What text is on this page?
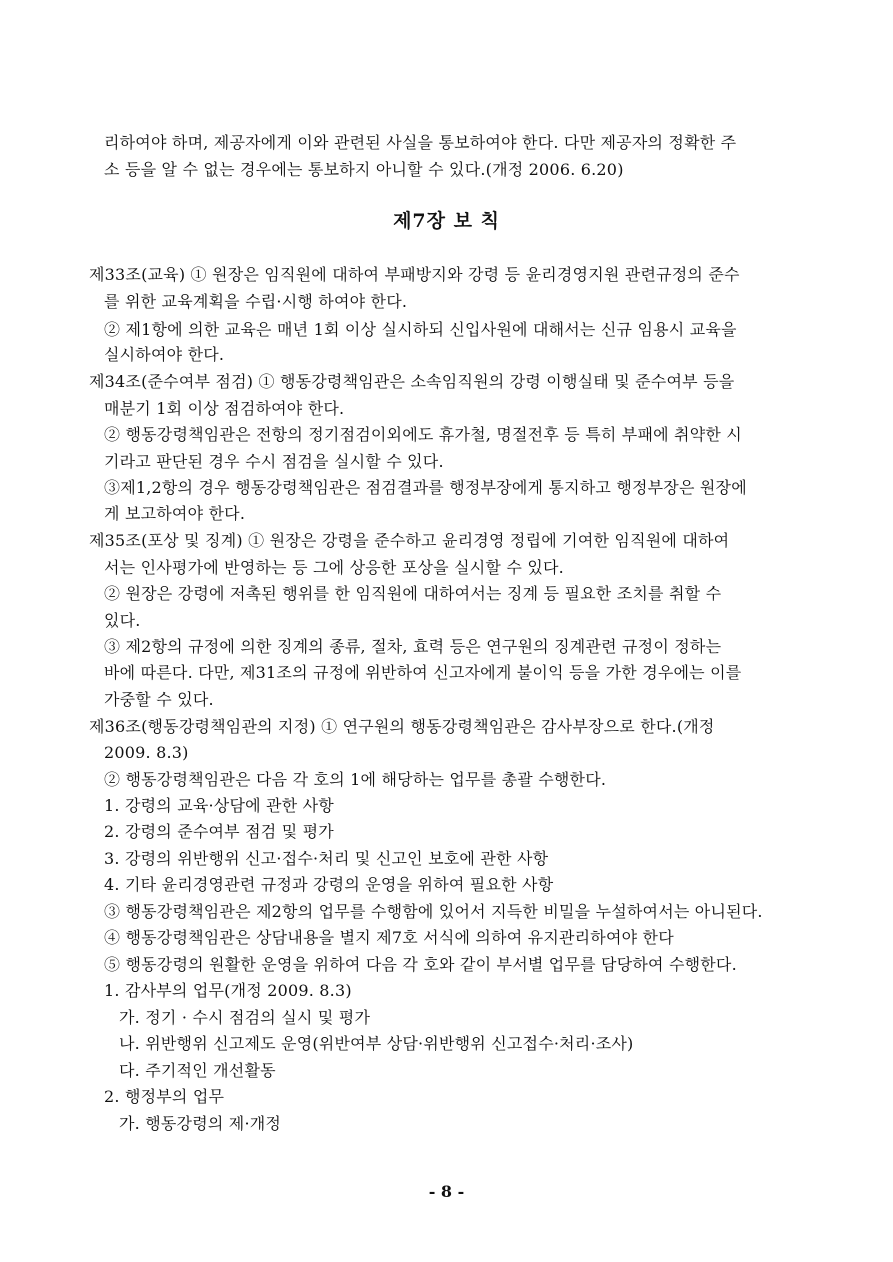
리하여야 하며, 제공자에게 이와 관련된 사실을 통보하여야 한다. 다만 제공자의 정확한 주
소 등을 알 수 없는 경우에는 통보하지 아니할 수 있다.(개정 2006. 6.20)
제7장 보 칙
제33조(교육) ① 원장은 임직원에 대하여 부패방지와 강령 등 윤리경영지원 관련규정의 준수
를 위한 교육계획을 수립·시행 하여야 한다.
② 제1항에 의한 교육은 매년 1회 이상 실시하되 신입사원에 대해서는 신규 임용시 교육을
실시하여야 한다.
제34조(준수여부 점검) ① 행동강령책임관은 소속임직원의 강령 이행실태 및 준수여부 등을
매분기 1회 이상 점검하여야 한다.
② 행동강령책임관은 전항의 정기점검이외에도 휴가철, 명절전후 등 특히 부패에 취약한 시
기라고 판단된 경우 수시 점검을 실시할 수 있다.
③제1,2항의 경우 행동강령책임관은 점검결과를 행정부장에게 통지하고 행정부장은 원장에
게 보고하여야 한다.
제35조(포상 및 징계) ① 원장은 강령을 준수하고 윤리경영 정립에 기여한 임직원에 대하여
서는 인사평가에 반영하는 등 그에 상응한 포상을 실시할 수 있다.
② 원장은 강령에 저촉된 행위를 한 임직원에 대하여서는 징계 등 필요한 조치를 취할 수
있다.
③ 제2항의 규정에 의한 징계의 종류, 절차, 효력 등은 연구원의 징계관련 규정이 정하는
바에 따른다. 다만, 제31조의 규정에 위반하여 신고자에게 불이익 등을 가한 경우에는 이를
가중할 수 있다.
제36조(행동강령책임관의 지정) ① 연구원의 행동강령책임관은 감사부장으로 한다.(개정
2009. 8.3)
② 행동강령책임관은 다음 각 호의 1에 해당하는 업무를 총괄 수행한다.
1. 강령의 교육·상담에 관한 사항
2. 강령의 준수여부 점검 및 평가
3. 강령의 위반행위 신고·접수·처리 및 신고인 보호에 관한 사항
4. 기타 윤리경영관련 규정과 강령의 운영을 위하여 필요한 사항
③ 행동강령책임관은 제2항의 업무를 수행함에 있어서 지득한 비밀을 누설하여서는 아니된다.
④ 행동강령책임관은 상담내용을 별지 제7호 서식에 의하여 유지관리하여야 한다
⑤ 행동강령의 원활한 운영을 위하여 다음 각 호와 같이 부서별 업무를 담당하여 수행한다.
1. 감사부의 업무(개정 2009. 8.3)
가. 정기 · 수시 점검의 실시 및 평가
나. 위반행위 신고제도 운영(위반여부 상담·위반행위 신고접수·처리·조사)
다. 주기적인 개선활동
2. 행정부의 업무
가. 행동강령의 제·개정
- 8 -
